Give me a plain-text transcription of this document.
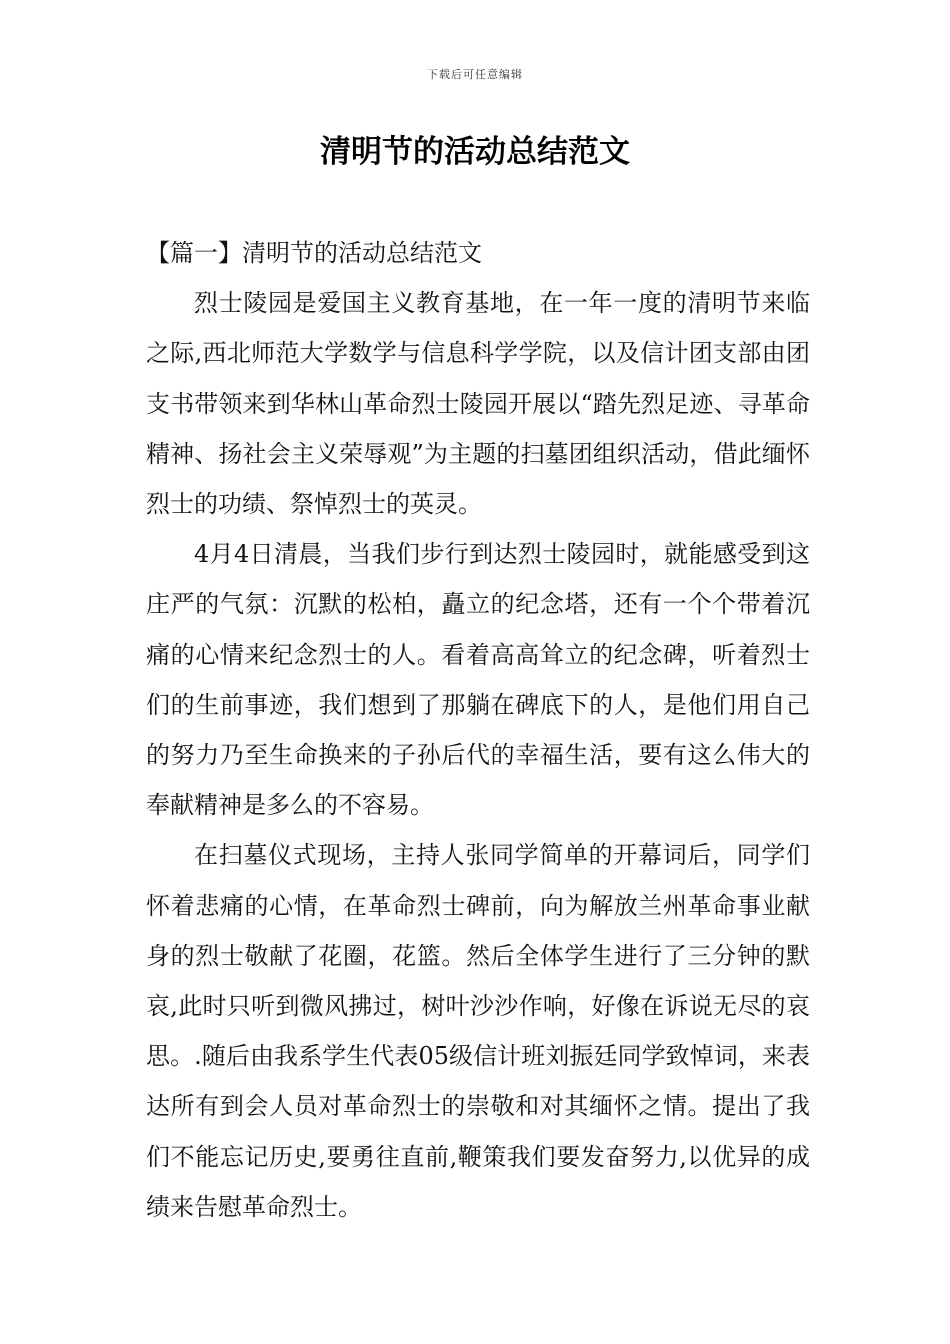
下载后可任意编辑
清明节的活动总结范文

【篇一】清明节的活动总结范文

烈士陵园是爱国主义教育基地，在一年一度的清明节来临之际,西北师范大学数学与信息科学学院，以及信计团支部由团支书带领来到华林山革命烈士陵园开展以“踏先烈足迹、寻革命精神、扬社会主义荣辱观”为主题的扫墓团组织活动，借此缅怀烈士的功绩、祭悼烈士的英灵。

4月4日清晨，当我们步行到达烈士陵园时，就能感受到这庄严的气氛：沉默的松柏，矗立的纪念塔，还有一个个带着沉痛的心情来纪念烈士的人。看着高高耸立的纪念碑，听着烈士们的生前事迹，我们想到了那躺在碑底下的人，是他们用自己的努力乃至生命换来的子孙后代的幸福生活，要有这么伟大的奉献精神是多么的不容易。

在扫墓仪式现场，主持人张同学简单的开幕词后，同学们怀着悲痛的心情，在革命烈士碑前，向为解放兰州革命事业献身的烈士敬献了花圈，花篮。然后全体学生进行了三分钟的默哀,此时只听到微风拂过，树叶沙沙作响，好像在诉说无尽的哀思。.随后由我系学生代表05级信计班刘振廷同学致悼词，来表达所有到会人员对革命烈士的崇敬和对其缅怀之情。提出了我们不能忘记历史,要勇往直前,鞭策我们要发奋努力,以优异的成绩来告慰革命烈士。
